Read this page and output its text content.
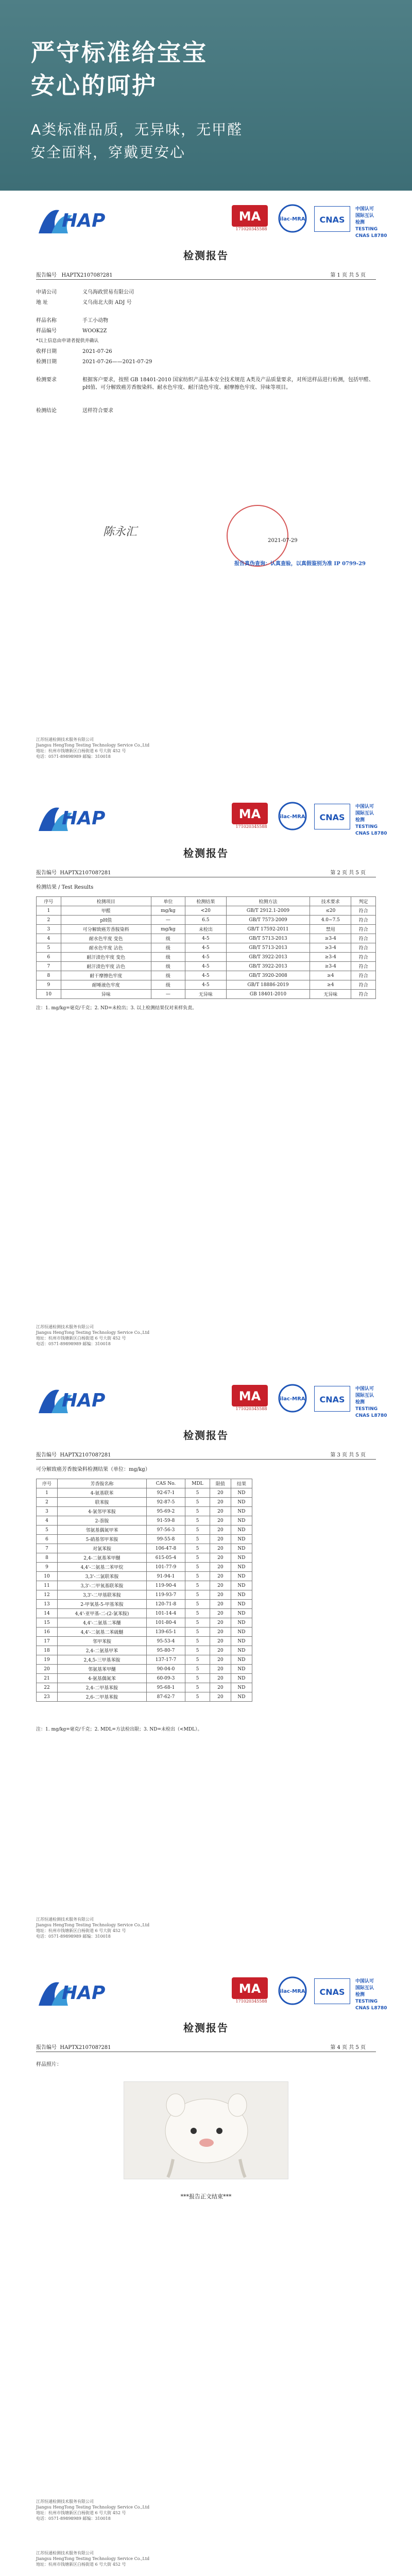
严守标准给宝宝
安心的呵护
A类标准品质，无异味，无甲醛
安全面料，穿戴更安心
HAP	MA
171020345588
ilac-MRA CNAS
中国认可
国际互认
检测
TESTING
CNAS L8780
检测报告
报告编号 HAPTX210708?281	第 1 页 共 5 页
申请公司	义乌海政贸易有限公司
地 址	义乌南北大街 ADJ 号
样品名称	手工小动物
样品编号	WOOK2Z
*以上信息由申请者提供并确认
收样日期	2021-07-26
检测日期	2021-07-26——2021-07-29
检测要求	根据客户要求，按照 GB 18401-2010 国家纺织产品基本安全技术规范 A类及产品质量要求，对所送样品进行检测，包括甲醛、pH值、可分解致癌芳香胺染料、耐水色牢度、耐汗渍色牢度、耐摩擦色牢度、异味等项目。
检测结论	送样符合要求
陈永汇
2021-07-29
报告真伪查询：认真查验，以真假鉴别为准 IP 0799-29
江苏恒通检测技术服务有限公司
Jiangsu HengTong Testing Technology Service Co.,Ltd
地址：杭州市钱塘新区白杨街道 6 号大街 452 号
电话：0571-89898989 邮编：310018
HAP	MA
171020345588
ilac-MRA CNAS
中国认可
国际互认
检测
TESTING
CNAS L8780
检测报告
报告编号 HAPTX210708?281	第 2 页 共 5 页
检测结果 / Test Results
序号	检测项目	单位	检测结果	检测方法	技术要求	判定
1	甲醛	mg/kg	<20	GB/T 2912.1-2009	≤20	符合
2	pH值	—	6.5	GB/T 7573-2009	4.0~7.5	符合
3	可分解致癌芳香胺染料	mg/kg	未检出	GB/T 17592-2011	禁用	符合
4	耐水色牢度 变色	级	4-5	GB/T 5713-2013	≥3-4	符合
5	耐水色牢度 沾色	级	4-5	GB/T 5713-2013	≥3-4	符合
6	耐汗渍色牢度 变色	级	4-5	GB/T 3922-2013	≥3-4	符合
7	耐汗渍色牢度 沾色	级	4-5	GB/T 3922-2013	≥3-4	符合
8	耐干摩擦色牢度	级	4-5	GB/T 3920-2008	≥4	符合
9	耐唾液色牢度	级	4-5	GB/T 18886-2019	≥4	符合
10	异味	—	无异味	GB 18401-2010	无异味	符合
注：1. mg/kg=毫克/千克；2. ND=未检出；3. 以上检测结果仅对来样负责。
江苏恒通检测技术服务有限公司
Jiangsu HengTong Testing Technology Service Co.,Ltd
地址：杭州市钱塘新区白杨街道 6 号大街 452 号
电话：0571-89898989 邮编：310018
HAP	MA
171020345588
ilac-MRA CNAS
中国认可
国际互认
检测
TESTING
CNAS L8780
检测报告
报告编号 HAPTX210708?281	第 3 页 共 5 页
可分解致癌芳香胺染料检测结果（单位：mg/kg）
序号	芳香胺名称	CAS No.	MDL	限值	结果
1	4-氨基联苯	92-67-1	5	20	ND
2	联苯胺	92-87-5	5	20	ND
3	4-氯邻甲苯胺	95-69-2	5	20	ND
4	2-萘胺	91-59-8	5	20	ND
5	邻氨基偶氮甲苯	97-56-3	5	20	ND
6	5-硝基邻甲苯胺	99-55-8	5	20	ND
7	对氯苯胺	106-47-8	5	20	ND
8	2,4-二氨基苯甲醚	615-05-4	5	20	ND
9	4,4'-二氨基二苯甲烷	101-77-9	5	20	ND
10	3,3'-二氯联苯胺	91-94-1	5	20	ND
11	3,3'-二甲氧基联苯胺	119-90-4	5	20	ND
12	3,3'-二甲基联苯胺	119-93-7	5	20	ND
13	2-甲氧基-5-甲基苯胺	120-71-8	5	20	ND
14	4,4'-亚甲基-二-(2-氯苯胺)	101-14-4	5	20	ND
15	4,4'-二氨基二苯醚	101-80-4	5	20	ND
16	4,4'-二氨基二苯硫醚	139-65-1	5	20	ND
17	邻甲苯胺	95-53-4	5	20	ND
18	2,4-二氨基甲苯	95-80-7	5	20	ND
19	2,4,5-三甲基苯胺	137-17-7	5	20	ND
20	邻氨基苯甲醚	90-04-0	5	20	ND
21	4-氨基偶氮苯	60-09-3	5	20	ND
22	2,4-二甲基苯胺	95-68-1	5	20	ND
23	2,6-二甲基苯胺	87-62-7	5	20	ND
注：1. mg/kg=毫克/千克；2. MDL=方法检出限；3. ND=未检出（<MDL）。
江苏恒通检测技术服务有限公司
Jiangsu HengTong Testing Technology Service Co.,Ltd
地址：杭州市钱塘新区白杨街道 6 号大街 452 号
电话：0571-89898989 邮编：310018
HAP	MA
171020345588
ilac-MRA CNAS
中国认可
国际互认
检测
TESTING
CNAS L8780
检测报告
报告编号 HAPTX210708?281	第 4 页 共 5 页
样品照片：
***报告正文结束***
江苏恒通检测技术服务有限公司
Jiangsu HengTong Testing Technology Service Co.,Ltd
地址：杭州市钱塘新区白杨街道 6 号大街 452 号
电话：0571-89898989 邮编：310018
江苏恒通检测技术服务有限公司
Jiangsu HengTong Testing Technology Service Co.,Ltd
地址：杭州市钱塘新区白杨街道 6 号大街 452 号
